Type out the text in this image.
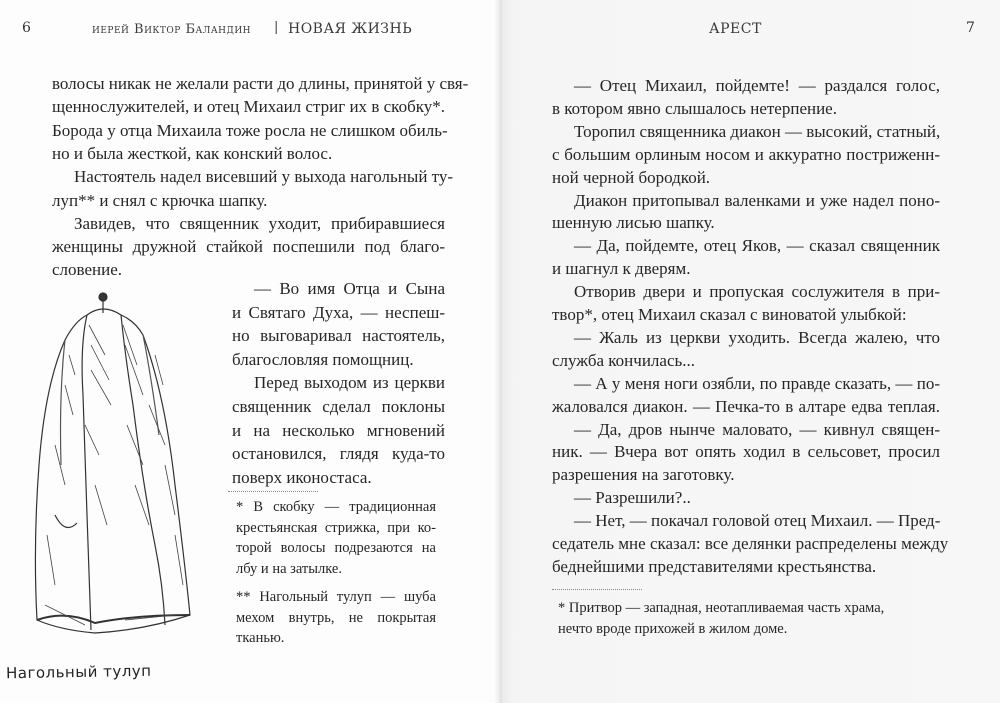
6	иерей Виктор Баландин | НОВАЯ ЖИЗНЬ
волосы никак не желали расти до длины, принятой у свя-
щеннослужителей, и отец Михаил стриг их в скобку*.
Борода у отца Михаила тоже росла не слишком обиль-
но и была жесткой, как конский волос.
Настоятель надел висевший у выхода нагольный ту-
луп** и снял с крючка шапку.
Завидев, что священник уходит, прибиравшиеся
женщины дружной стайкой поспешили под благо-
словение.
— Во имя Отца и Сына
и Святаго Духа, — неспеш-
но выговаривал настоятель,
благословляя помощниц.
Перед выходом из церкви
священник сделал поклоны
и на несколько мгновений
остановился, глядя куда-то
поверх иконостаса.
* В скобку — традиционная
крестьянская стрижка, при ко-
торой волосы подрезаются на
лбу и на затылке.
** Нагольный тулуп — шуба
мехом внутрь, не покрытая
тканью.
Нагольный тулуп
АРЕСТ	7
— Отец Михаил, пойдемте! — раздался голос,
в котором явно слышалось нетерпение.
Торопил священника диакон — высокий, статный,
с большим орлиным носом и аккуратно постриженн-
ной черной бородкой.
Диакон притопывал валенками и уже надел поно-
шенную лисью шапку.
— Да, пойдемте, отец Яков, — сказал священник
и шагнул к дверям.
Отворив двери и пропуская сослужителя в при-
твор*, отец Михаил сказал с виноватой улыбкой:
— Жаль из церкви уходить. Всегда жалею, что
служба кончилась...
— А у меня ноги озябли, по правде сказать, — по-
жаловался диакон. — Печка-то в алтаре едва теплая.
— Да, дров нынче маловато, — кивнул священ-
ник. — Вчера вот опять ходил в сельсовет, просил
разрешения на заготовку.
— Разрешили?..
— Нет, — покачал головой отец Михаил. — Пред-
седатель мне сказал: все делянки распределены между
беднейшими представителями крестьянства.
* Притвор — западная, неотапливаемая часть храма,
нечто вроде прихожей в жилом доме.
